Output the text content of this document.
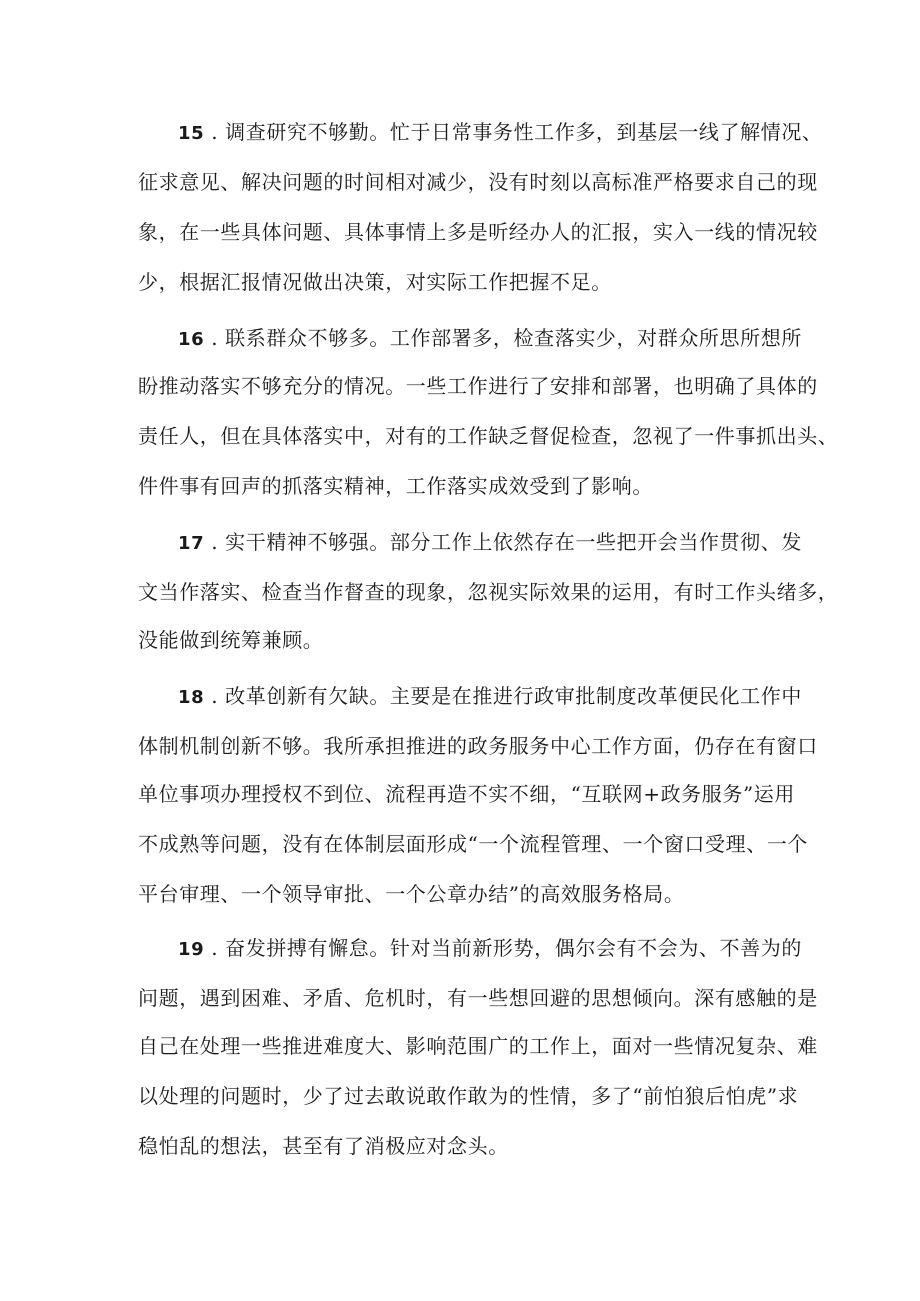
15 . 调查研究不够勤。忙于日常事务性工作多，到基层一线了解情况、
征求意见、解决问题的时间相对减少，没有时刻以高标准严格要求自己的现
象，在一些具体问题、具体事情上多是听经办人的汇报，实入一线的情况较
少，根据汇报情况做出决策，对实际工作把握不足。
16 . 联系群众不够多。工作部署多，检查落实少，对群众所思所想所
盼推动落实不够充分的情况。一些工作进行了安排和部署，也明确了具体的
责任人，但在具体落实中，对有的工作缺乏督促检查，忽视了一件事抓出头、
件件事有回声的抓落实精神，工作落实成效受到了影响。
17 . 实干精神不够强。部分工作上依然存在一些把开会当作贯彻、发
文当作落实、检查当作督查的现象，忽视实际效果的运用，有时工作头绪多，
没能做到统筹兼顾。
18 . 改革创新有欠缺。主要是在推进行政审批制度改革便民化工作中
体制机制创新不够。我所承担推进的政务服务中心工作方面，仍存在有窗口
单位事项办理授权不到位、流程再造不实不细，“互联网+政务服务”运用
不成熟等问题，没有在体制层面形成“一个流程管理、一个窗口受理、一个
平台审理、一个领导审批、一个公章办结”的高效服务格局。
19 . 奋发拼搏有懈怠。针对当前新形势，偶尔会有不会为、不善为的
问题，遇到困难、矛盾、危机时，有一些想回避的思想倾向。深有感触的是
自己在处理一些推进难度大、影响范围广的工作上，面对一些情况复杂、难
以处理的问题时，少了过去敢说敢作敢为的性情，多了“前怕狼后怕虎”求
稳怕乱的想法，甚至有了消极应对念头。
